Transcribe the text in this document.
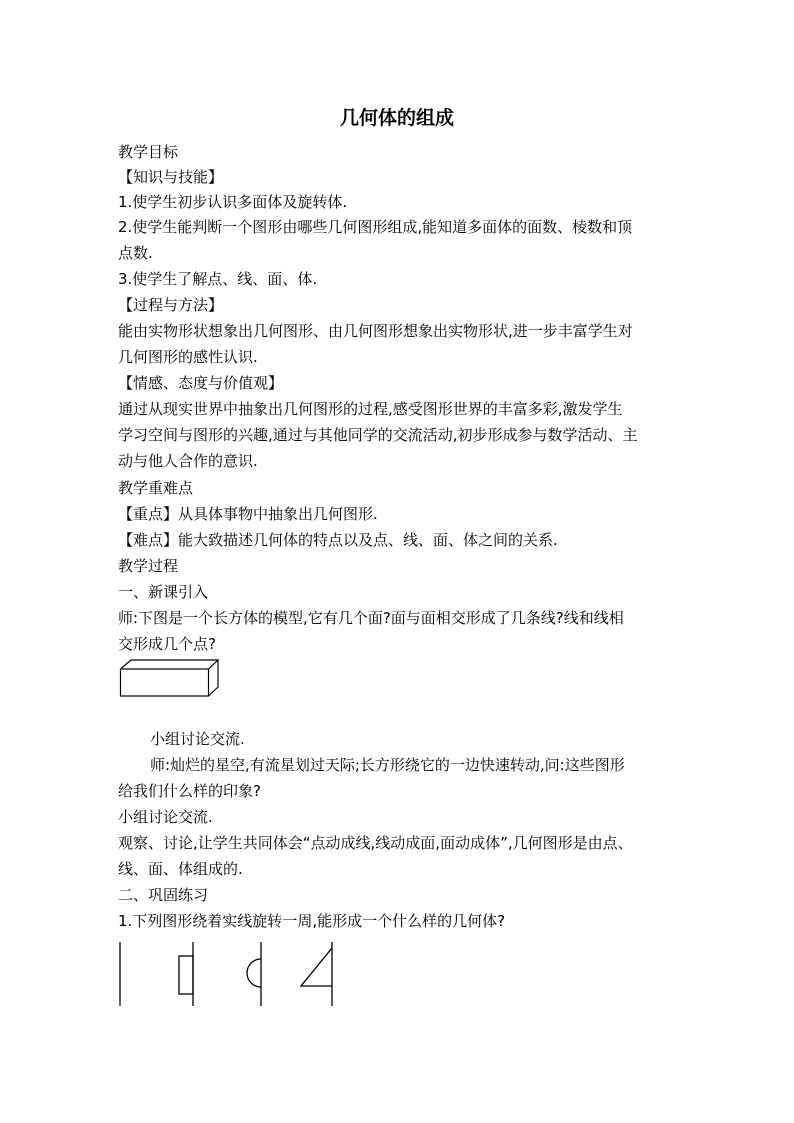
几何体的组成
教学目标
【知识与技能】
1.使学生初步认识多面体及旋转体.
2.使学生能判断一个图形由哪些几何图形组成,能知道多面体的面数、棱数和顶
点数.
3.使学生了解点、线、面、体.
【过程与方法】
能由实物形状想象出几何图形、由几何图形想象出实物形状,进一步丰富学生对
几何图形的感性认识.
【情感、态度与价值观】
通过从现实世界中抽象出几何图形的过程,感受图形世界的丰富多彩,激发学生
学习空间与图形的兴趣,通过与其他同学的交流活动,初步形成参与数学活动、主
动与他人合作的意识.
教学重难点
【重点】从具体事物中抽象出几何图形.
【难点】能大致描述几何体的特点以及点、线、面、体之间的关系.
教学过程
一、新课引入
师:下图是一个长方体的模型,它有几个面?面与面相交形成了几条线?线和线相
交形成几个点?
小组讨论交流.
师:灿烂的星空,有流星划过天际;长方形绕它的一边快速转动,问:这些图形
给我们什么样的印象?
小组讨论交流.
观察、讨论,让学生共同体会“点动成线,线动成面,面动成体”,几何图形是由点、
线、面、体组成的.
二、巩固练习
1.下列图形绕着实线旋转一周,能形成一个什么样的几何体?
